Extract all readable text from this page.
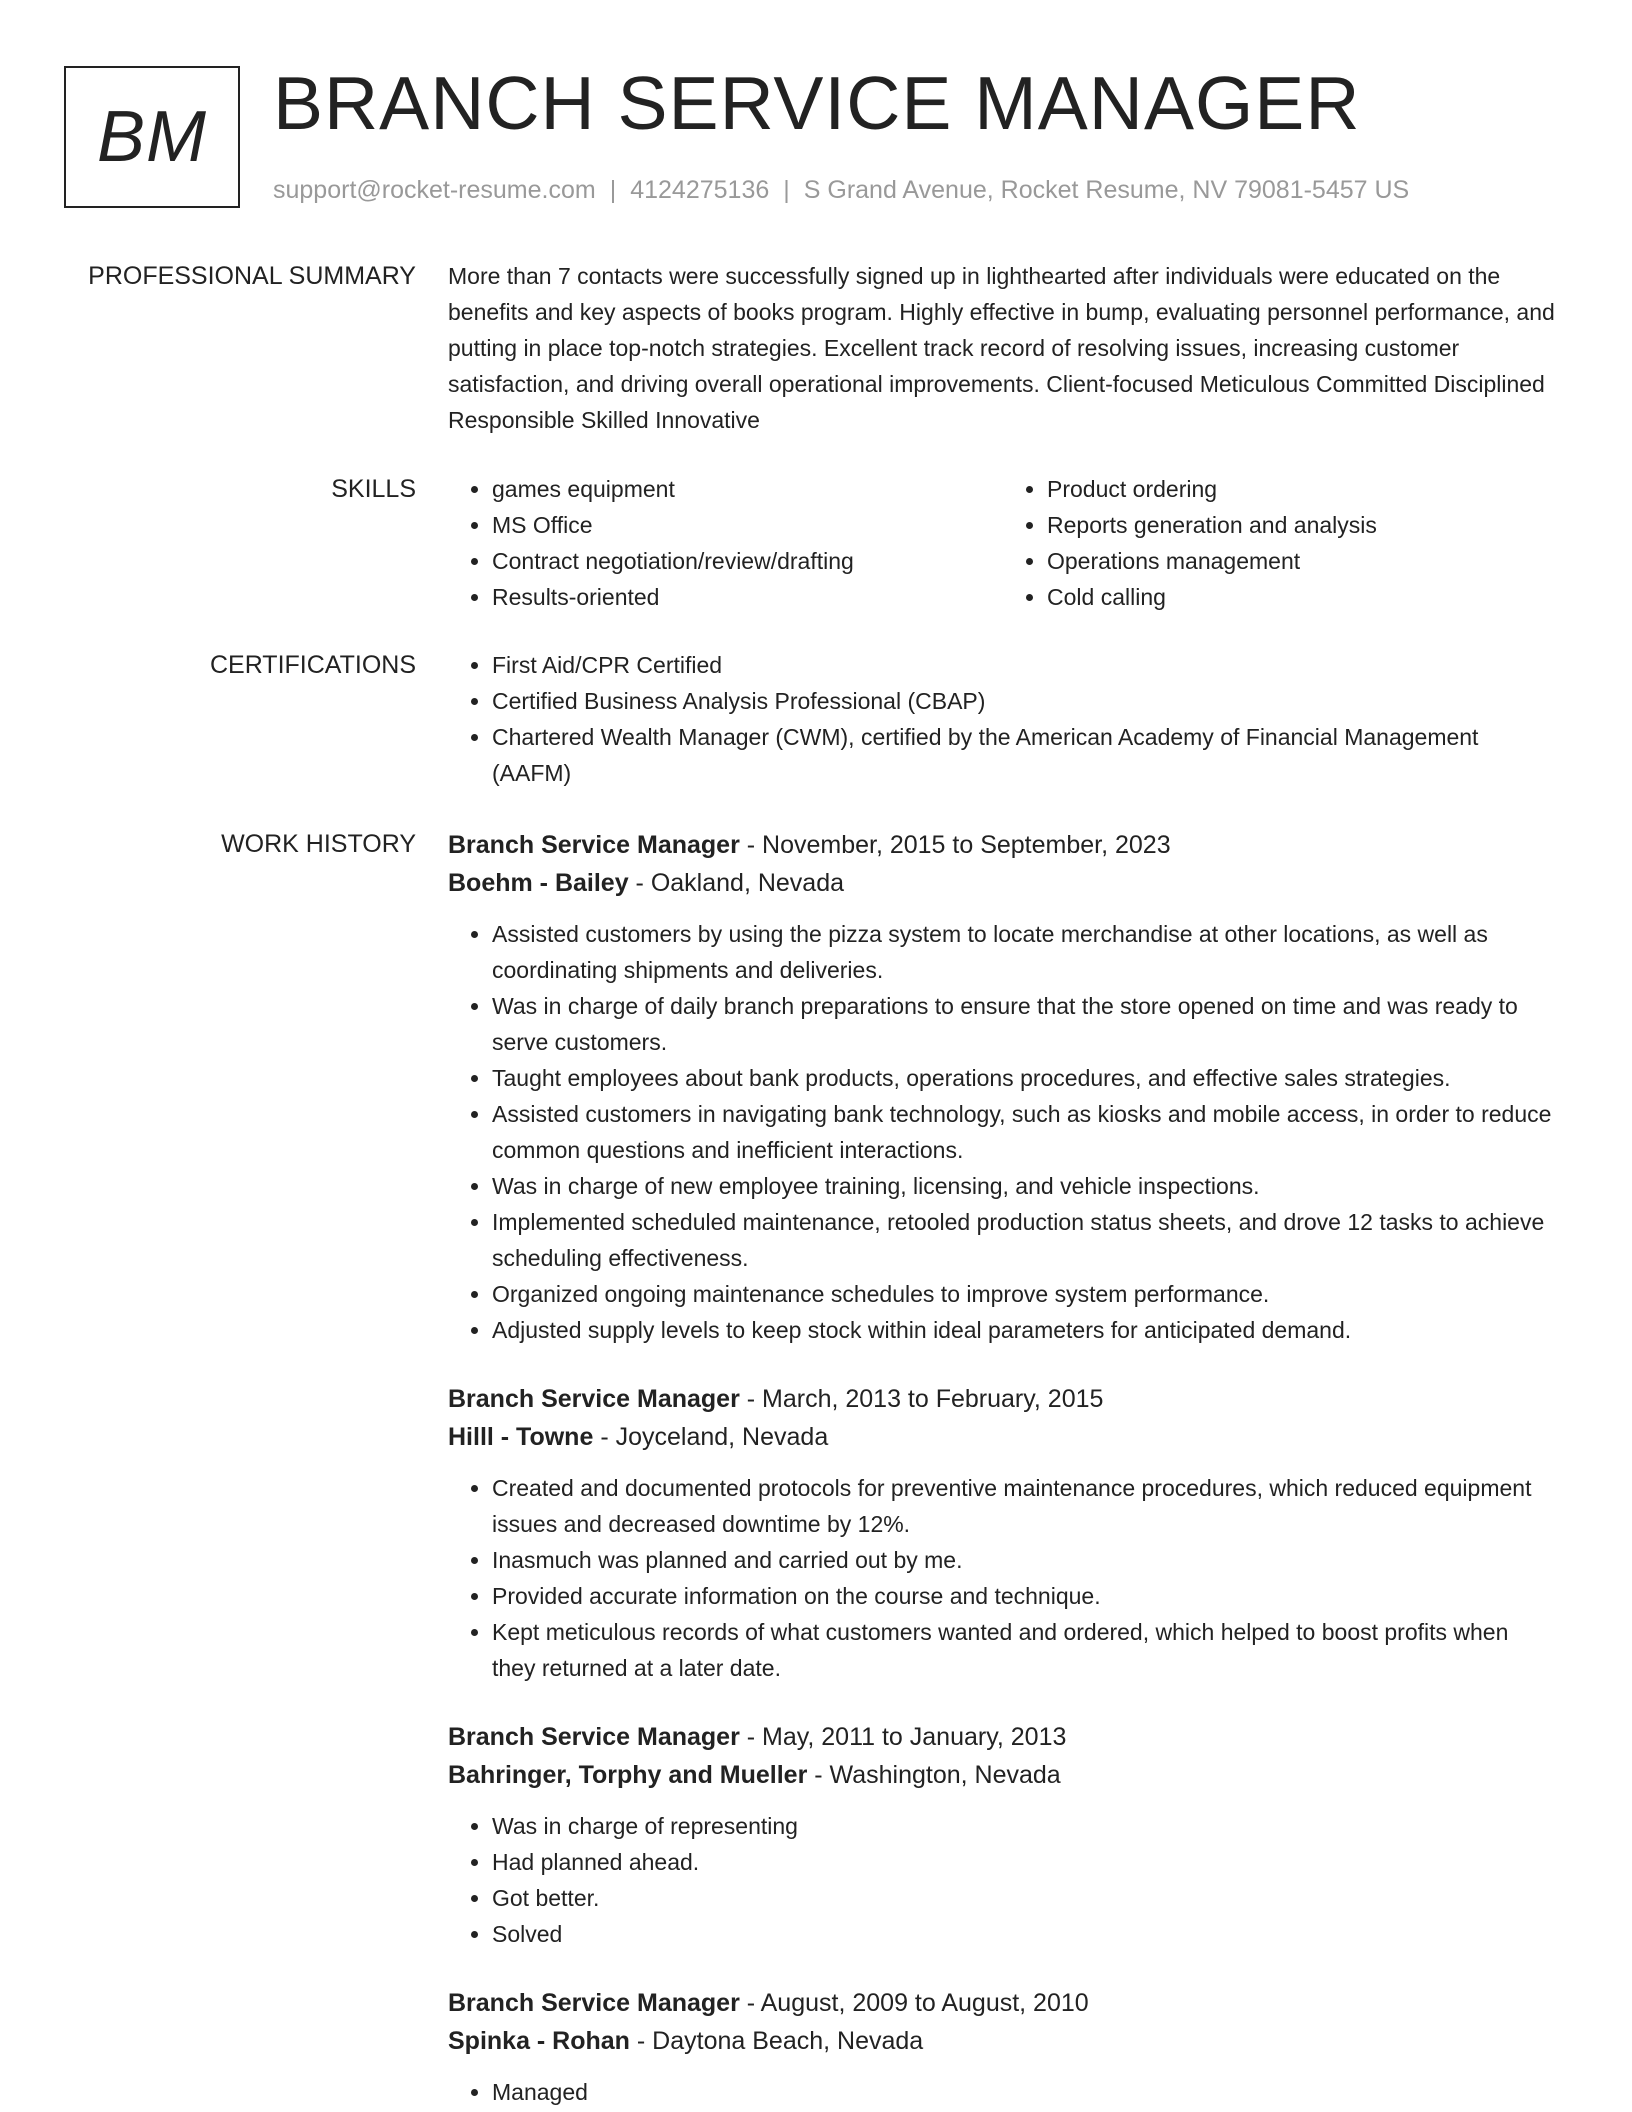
BM BRANCH SERVICE MANAGER
support@rocket-resume.com | 4124275136 | S Grand Avenue, Rocket Resume, NV 79081-5457 US
PROFESSIONAL SUMMARY More than 7 contacts were successfully signed up in lighthearted after individuals were educated on the benefits and key aspects of books program. Highly effective in bump, evaluating personnel performance, and putting in place top-notch strategies. Excellent track record of resolving issues, increasing customer satisfaction, and driving overall operational improvements. Client-focused Meticulous Committed Disciplined Responsible Skilled Innovative

SKILLS	• games equipment
• MS Office
• Contract negotiation/review/drafting
• Results-oriented
• Product ordering
• Reports generation and analysis
• Operations management
• Cold calling
CERTIFICATIONS	• First Aid/CPR Certified
• Certified Business Analysis Professional (CBAP)
• Chartered Wealth Manager (CWM), certified by the American Academy of Financial Management (AAFM)
WORK HISTORY Branch Service Manager - November, 2015 to September, 2023
Boehm - Bailey - Oakland, Nevada
• Assisted customers by using the pizza system to locate merchandise at other locations, as well as coordinating shipments and deliveries.
• Was in charge of daily branch preparations to ensure that the store opened on time and was ready to serve customers.
• Taught employees about bank products, operations procedures, and effective sales strategies.
• Assisted customers in navigating bank technology, such as kiosks and mobile access, in order to reduce common questions and inefficient interactions.
• Was in charge of new employee training, licensing, and vehicle inspections.
• Implemented scheduled maintenance, retooled production status sheets, and drove 12 tasks to achieve scheduling effectiveness.
• Organized ongoing maintenance schedules to improve system performance.
• Adjusted supply levels to keep stock within ideal parameters for anticipated demand.
Branch Service Manager - March, 2013 to February, 2015
Hilll - Towne - Joyceland, Nevada
• Created and documented protocols for preventive maintenance procedures, which reduced equipment issues and decreased downtime by 12%.
• Inasmuch was planned and carried out by me.
• Provided accurate information on the course and technique.
• Kept meticulous records of what customers wanted and ordered, which helped to boost profits when they returned at a later date.
Branch Service Manager - May, 2011 to January, 2013
Bahringer, Torphy and Mueller - Washington, Nevada
• Was in charge of representing
• Had planned ahead.
• Got better.
• Solved
Branch Service Manager - August, 2009 to August, 2010
Spinka - Rohan - Daytona Beach, Nevada
• Managed
